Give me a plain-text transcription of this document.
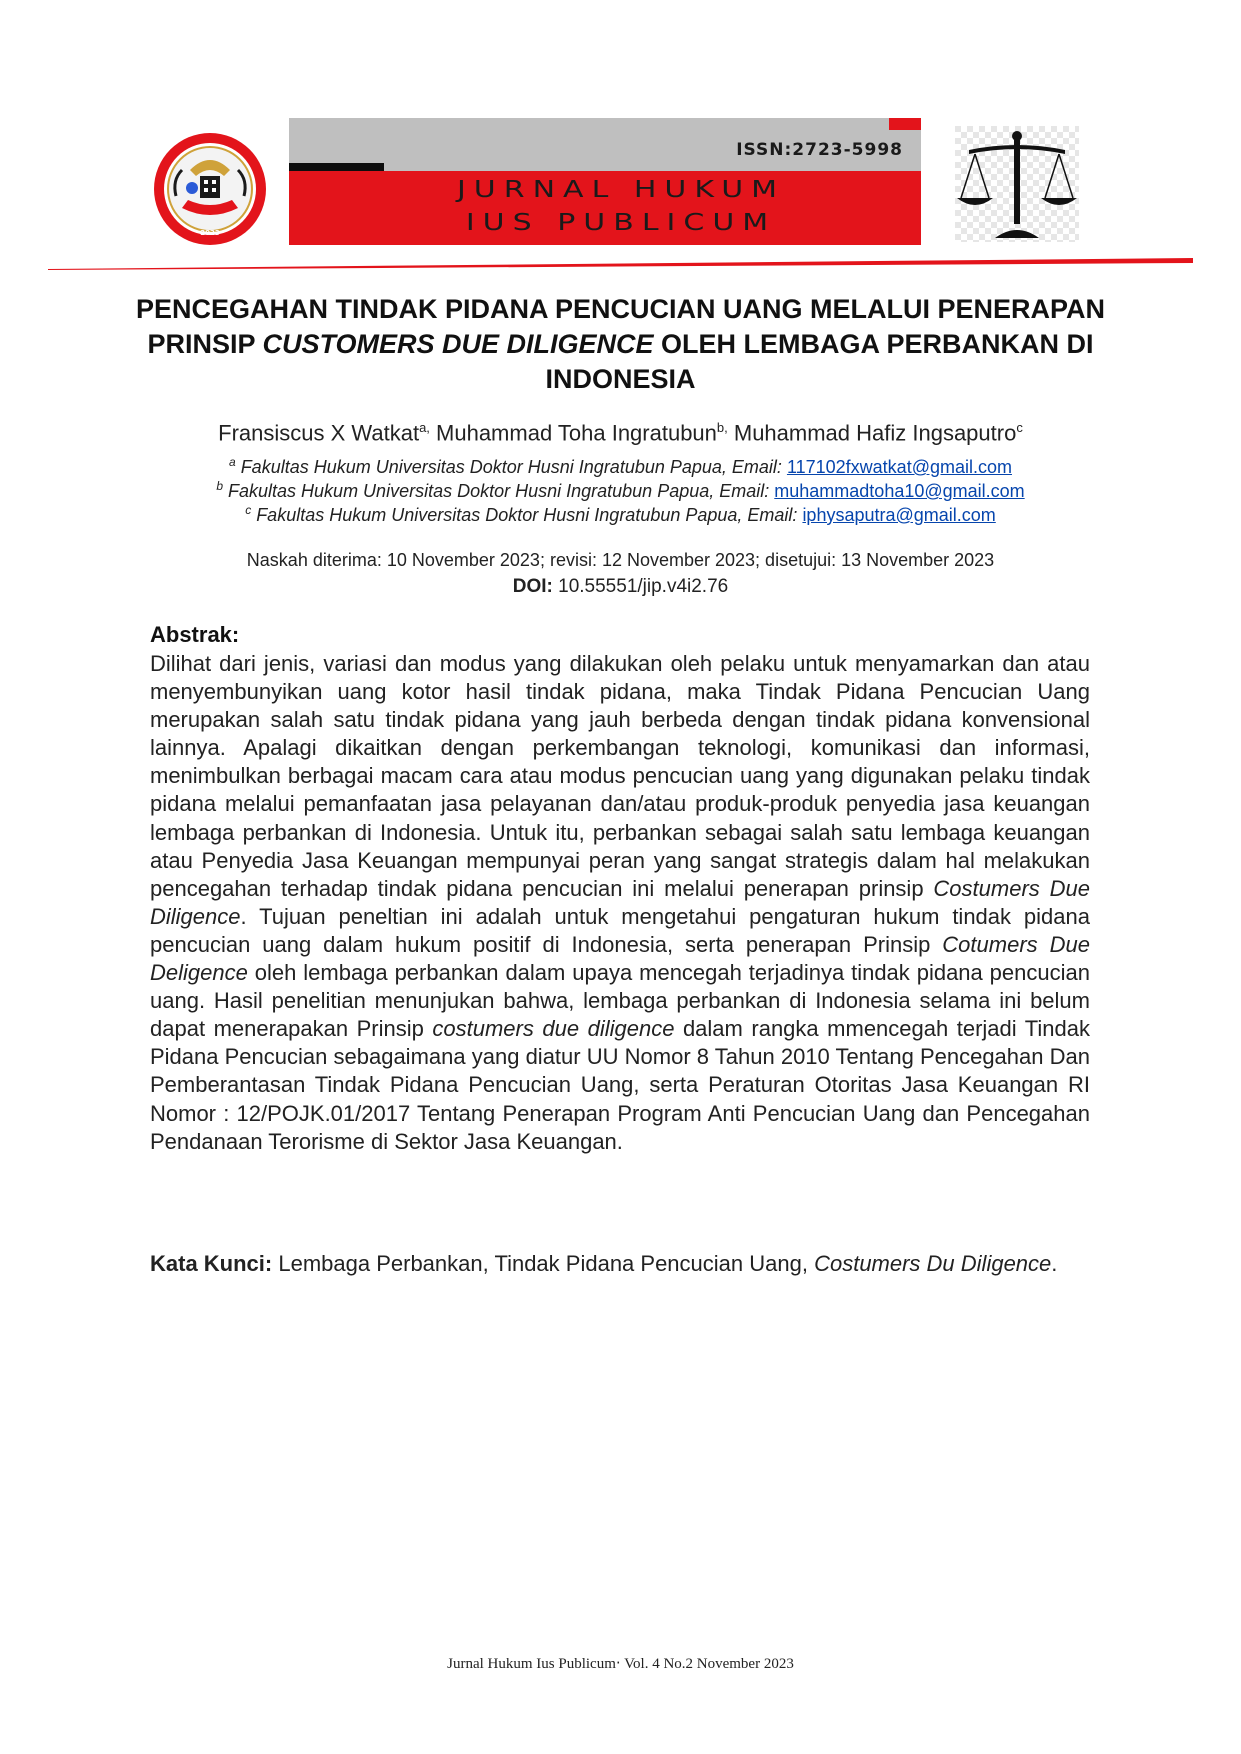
2023
ISSN:2723-5998
JURNAL HUKUM
IUS PUBLICUM
PENCEGAHAN TINDAK PIDANA PENCUCIAN UANG MELALUI PENERAPAN PRINSIP CUSTOMERS DUE DILIGENCE OLEH LEMBAGA PERBANKAN DI INDONESIA
Fransiscus X Watkat$^{a,}$ Muhammad Toha Ingratubun$^{b,}$ Muhammad Hafiz Ingsaputro$^c$
$^a$ Fakultas Hukum Universitas Doktor Husni Ingratubun Papua, Email: 117102fxwatkat@gmail.com
$^b$ Fakultas Hukum Universitas Doktor Husni Ingratubun Papua, Email: muhammadtoha10@gmail.com
$^c$ Fakultas Hukum Universitas Doktor Husni Ingratubun Papua, Email: iphysaputra@gmail.com
Naskah diterima: 10 November 2023; revisi: 12 November 2023; disetujui: 13 November 2023
DOI: 10.55551/jip.v4i2.76
Abstrak:
Dilihat dari jenis, variasi dan modus yang dilakukan oleh pelaku untuk menyamarkan dan atau menyembunyikan uang kotor hasil tindak pidana, maka Tindak Pidana Pencucian Uang merupakan salah satu tindak pidana yang jauh berbeda dengan tindak pidana konvensional lainnya. Apalagi dikaitkan dengan perkembangan teknologi, komunikasi dan informasi, menimbulkan berbagai macam cara atau modus pencucian uang yang digunakan pelaku tindak pidana melalui pemanfaatan jasa pelayanan dan/atau produk-produk penyedia jasa keuangan lembaga perbankan di Indonesia. Untuk itu, perbankan sebagai salah satu lembaga keuangan atau Penyedia Jasa Keuangan mempunyai peran yang sangat strategis dalam hal melakukan pencegahan terhadap tindak pidana pencucian ini melalui penerapan prinsip Costumers Due Diligence. Tujuan peneltian ini adalah untuk mengetahui pengaturan hukum tindak pidana pencucian uang dalam hukum positif di Indonesia, serta penerapan Prinsip Cotumers Due Deligence oleh lembaga perbankan dalam upaya mencegah terjadinya tindak pidana pencucian uang. Hasil penelitian menunjukan bahwa, lembaga perbankan di Indonesia selama ini belum dapat menerapakan Prinsip costumers due diligence dalam rangka mmencegah terjadi Tindak Pidana Pencucian sebagaimana yang diatur UU Nomor 8 Tahun 2010 Tentang Pencegahan Dan Pemberantasan Tindak Pidana Pencucian Uang, serta Peraturan Otoritas Jasa Keuangan RI Nomor : 12/POJK.01/2017 Tentang Penerapan Program Anti Pencucian Uang dan Pencegahan Pendanaan Terorisme di Sektor Jasa Keuangan.
Kata Kunci: Lembaga Perbankan, Tindak Pidana Pencucian Uang, Costumers Du Diligence.
Jurnal Hukum Ius Publicum‧ Vol. 4 No.2 November 2023
